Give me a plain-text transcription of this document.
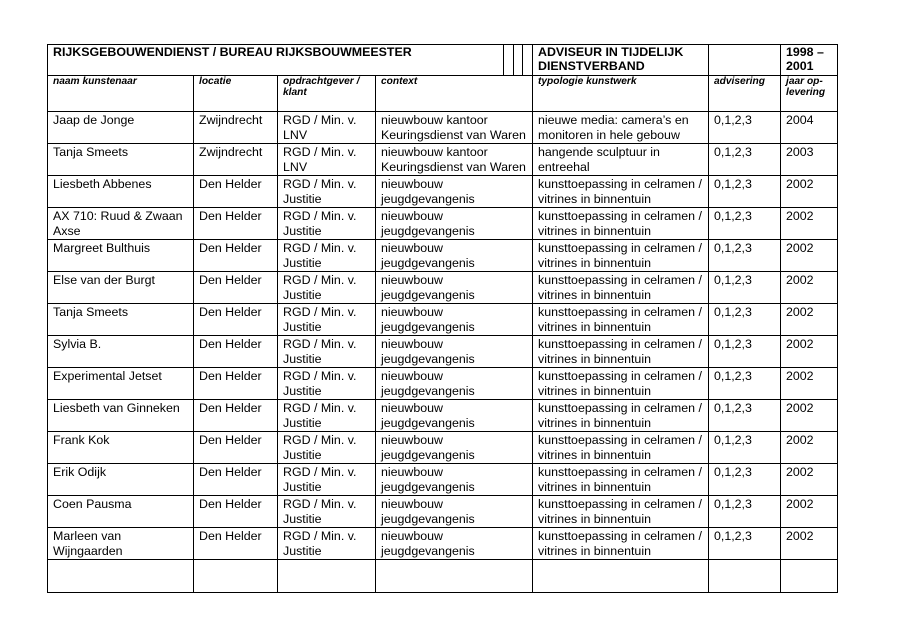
RIJKSGEBOUWENDIENST / BUREAU RIJKSBOUWMEESTER							ADVISEUR IN TIJDELIJK DIENSTVERBAND		1998 – 2001
naam kunstenaar	locatie	opdrachtgever / klant	context				typologie kunstwerk	advisering	jaar op-levering
Jaap de Jonge	Zwijndrecht	RGD / Min. v. LNV	nieuwbouw kantoor Keuringsdienst van Waren				nieuwe media: camera’s en monitoren in hele gebouw	0,1,2,3	2004
Tanja Smeets	Zwijndrecht	RGD / Min. v. LNV	nieuwbouw kantoor Keuringsdienst van Waren				hangende sculptuur in entreehal	0,1,2,3	2003
Liesbeth Abbenes	Den Helder	RGD / Min. v. Justitie	nieuwbouw jeugdgevangenis				kunsttoepassing in celramen / vitrines in binnentuin	0,1,2,3	2002
AX 710: Ruud & Zwaan Axse	Den Helder	RGD / Min. v. Justitie	nieuwbouw jeugdgevangenis				kunsttoepassing in celramen / vitrines in binnentuin	0,1,2,3	2002
Margreet Bulthuis	Den Helder	RGD / Min. v. Justitie	nieuwbouw jeugdgevangenis				kunsttoepassing in celramen / vitrines in binnentuin	0,1,2,3	2002
Else van der Burgt	Den Helder	RGD / Min. v. Justitie	nieuwbouw jeugdgevangenis				kunsttoepassing in celramen / vitrines in binnentuin	0,1,2,3	2002
Tanja Smeets	Den Helder	RGD / Min. v. Justitie	nieuwbouw jeugdgevangenis				kunsttoepassing in celramen / vitrines in binnentuin	0,1,2,3	2002
Sylvia B.	Den Helder	RGD / Min. v. Justitie	nieuwbouw jeugdgevangenis				kunsttoepassing in celramen / vitrines in binnentuin	0,1,2,3	2002
Experimental Jetset	Den Helder	RGD / Min. v. Justitie	nieuwbouw jeugdgevangenis				kunsttoepassing in celramen / vitrines in binnentuin	0,1,2,3	2002
Liesbeth van Ginneken	Den Helder	RGD / Min. v. Justitie	nieuwbouw jeugdgevangenis				kunsttoepassing in celramen / vitrines in binnentuin	0,1,2,3	2002
Frank Kok	Den Helder	RGD / Min. v. Justitie	nieuwbouw jeugdgevangenis				kunsttoepassing in celramen / vitrines in binnentuin	0,1,2,3	2002
Erik Odijk	Den Helder	RGD / Min. v. Justitie	nieuwbouw jeugdgevangenis				kunsttoepassing in celramen / vitrines in binnentuin	0,1,2,3	2002
Coen Pausma	Den Helder	RGD / Min. v. Justitie	nieuwbouw jeugdgevangenis				kunsttoepassing in celramen / vitrines in binnentuin	0,1,2,3	2002
Marleen van Wijngaarden	Den Helder	RGD / Min. v. Justitie	nieuwbouw jeugdgevangenis				kunsttoepassing in celramen / vitrines in binnentuin	0,1,2,3	2002
